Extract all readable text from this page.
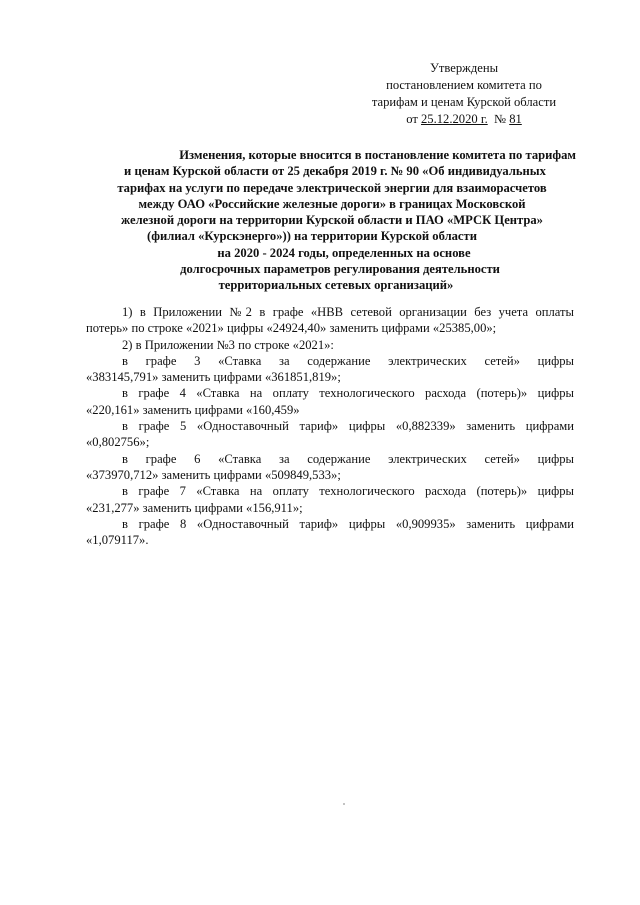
Утверждены
постановлением комитета по
тарифам и ценам Курской области
от 25.12.2020 г. № 81
Изменения, которые вносится в постановление комитета по тарифам
и ценам Курской области от 25 декабря 2019 г. № 90 «Об индивидуальных
тарифах на услуги по передаче электрической энергии для взаиморасчетов
между ОАО «Российские железные дороги» в границах Московской
железной дороги на территории Курской области и ПАО «МРСК Центра»
(филиал «Курскэнерго»)) на территории Курской области
на 2020 - 2024 годы, определенных на основе
долгосрочных параметров регулирования деятельности
территориальных сетевых организаций»
1) в Приложении №2 в графе «НВВ сетевой организации без учета оплаты
потерь» по строке «2021» цифры «24924,40» заменить цифрами «25385,00»;
2) в Приложении №3 по строке «2021»:
в графе 3 «Ставка за содержание электрических сетей» цифры
«383145,791» заменить цифрами «361851,819»;
в графе 4 «Ставка на оплату технологического расхода (потерь)» цифры
«220,161» заменить цифрами «160,459»
в графе 5 «Одноставочный тариф» цифры «0,882339» заменить цифрами
«0,802756»;
в графе 6 «Ставка за содержание электрических сетей» цифры
«373970,712» заменить цифрами «509849,533»;
в графе 7 «Ставка на оплату технологического расхода (потерь)» цифры
«231,277» заменить цифрами «156,911»;
в графе 8 «Одноставочный тариф» цифры «0,909935» заменить цифрами
«1,079117».
